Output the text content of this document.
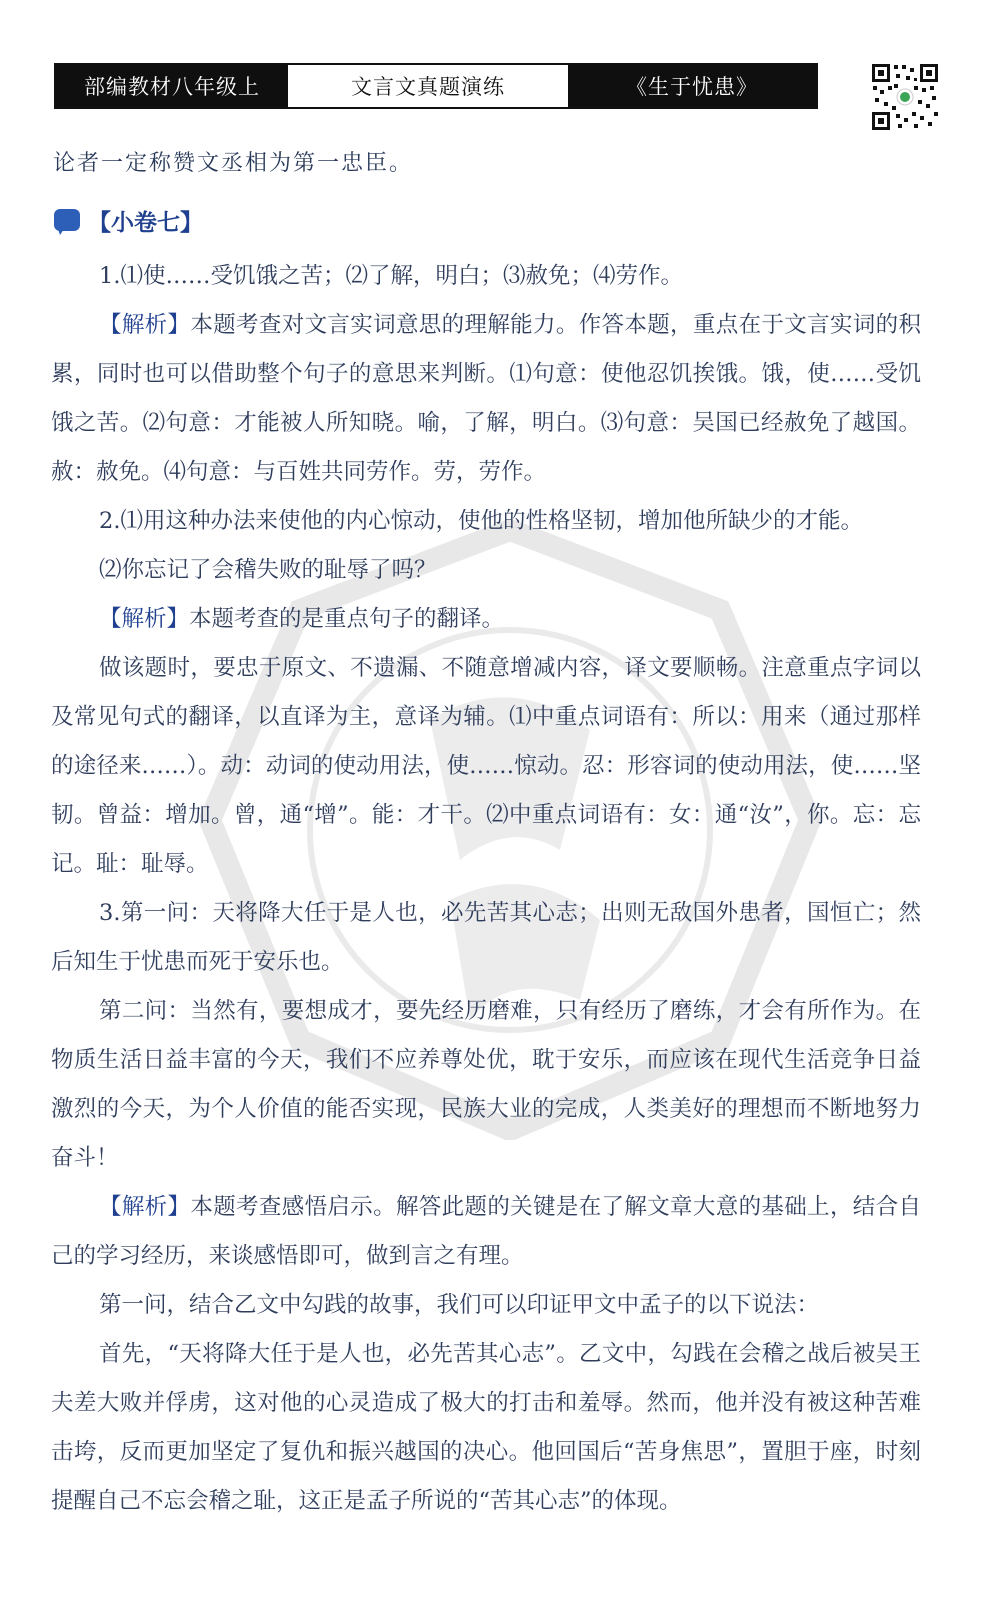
部编教材八年级上	文言文真题演练	《生于忧患》
论者一定称赞文丞相为第一忠臣。
【小卷七】

1.⑴使……受饥饿之苦；⑵了解，明白；⑶赦免；⑷劳作。

【解析】本题考查对文言实词意思的理解能力。作答本题，重点在于文言实词的积累，同时也可以借助整个句子的意思来判断。⑴句意：使他忍饥挨饿。饿，使……受饥饿之苦。⑵句意：才能被人所知晓。喻，了解，明白。⑶句意：吴国已经赦免了越国。赦：赦免。⑷句意：与百姓共同劳作。劳，劳作。

2.⑴用这种办法来使他的内心惊动，使他的性格坚韧，增加他所缺少的才能。

⑵你忘记了会稽失败的耻辱了吗？

【解析】本题考查的是重点句子的翻译。

做该题时，要忠于原文、不遗漏、不随意增减内容，译文要顺畅。注意重点字词以及常见句式的翻译，以直译为主，意译为辅。⑴中重点词语有：所以：用来（通过那样的途径来……）。动：动词的使动用法，使……惊动。忍：形容词的使动用法，使……坚韧。曾益：增加。曾，通“增”。能：才干。⑵中重点词语有：女：通“汝”，你。忘：忘记。耻：耻辱。

3.第一问：天将降大任于是人也，必先苦其心志；出则无敌国外患者，国恒亡；然后知生于忧患而死于安乐也。

第二问：当然有，要想成才，要先经历磨难，只有经历了磨练，才会有所作为。在物质生活日益丰富的今天，我们不应养尊处优，耽于安乐，而应该在现代生活竞争日益激烈的今天，为个人价值的能否实现，民族大业的完成，人类美好的理想而不断地努力奋斗！

【解析】本题考查感悟启示。解答此题的关键是在了解文章大意的基础上，结合自己的学习经历，来谈感悟即可，做到言之有理。

第一问，结合乙文中勾践的故事，我们可以印证甲文中孟子的以下说法：

首先，“天将降大任于是人也，必先苦其心志”。乙文中，勾践在会稽之战后被吴王夫差大败并俘虏，这对他的心灵造成了极大的打击和羞辱。然而，他并没有被这种苦难击垮，反而更加坚定了复仇和振兴越国的决心。他回国后“苦身焦思”，置胆于座，时刻提醒自己不忘会稽之耻，这正是孟子所说的“苦其心志”的体现。
